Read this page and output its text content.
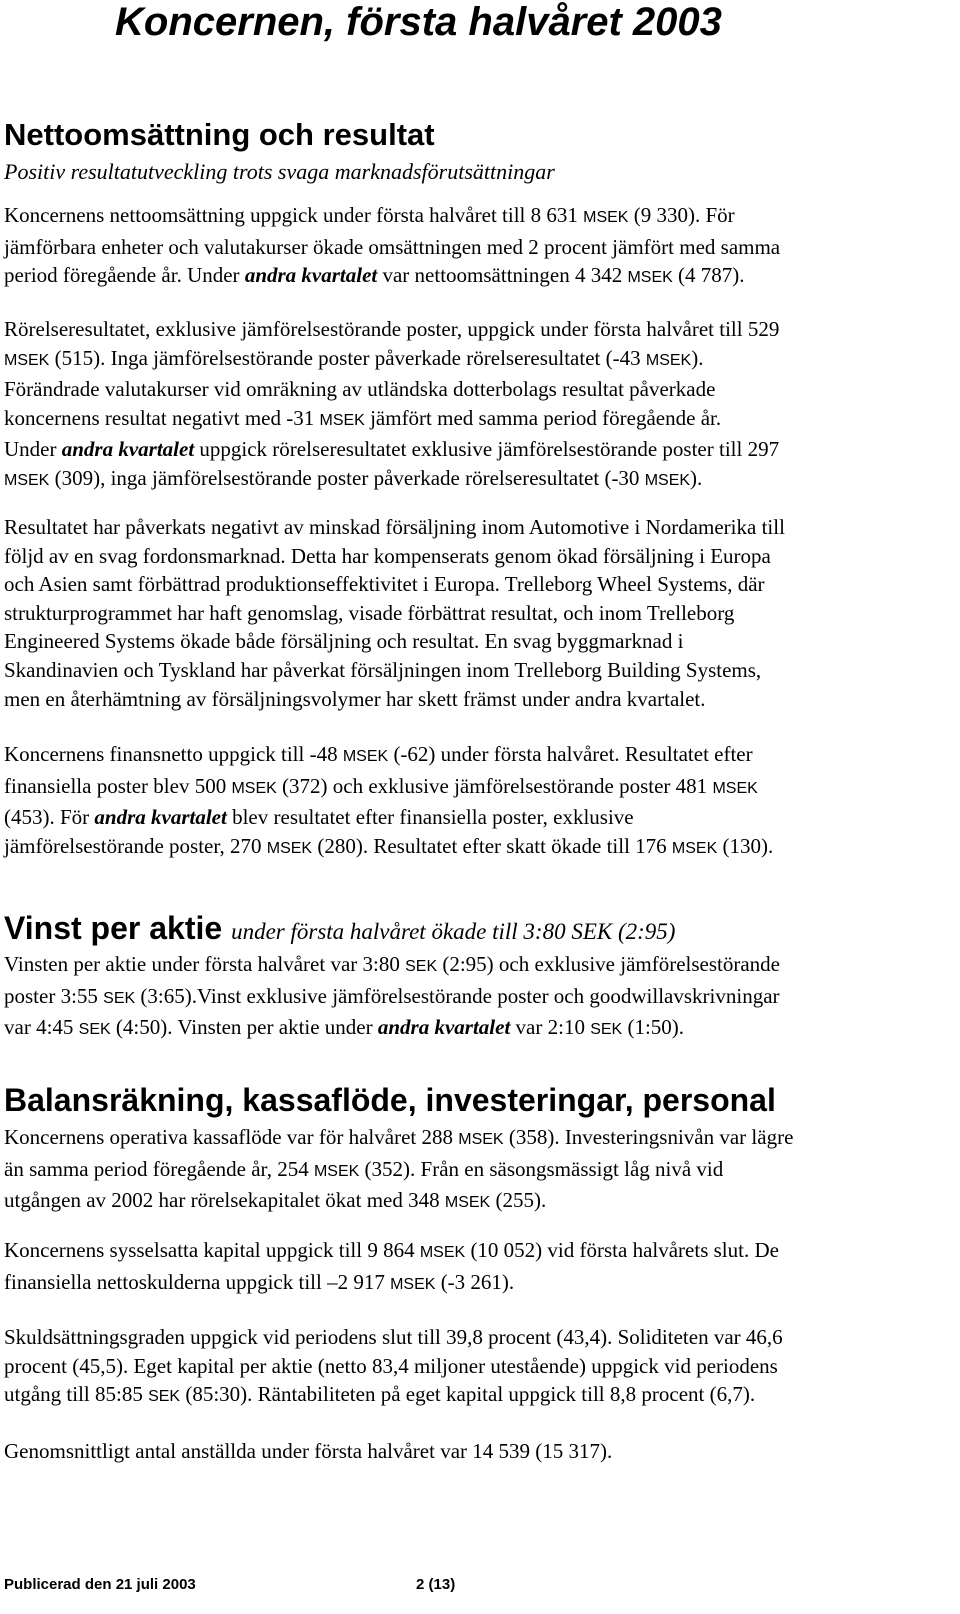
Koncernen, första halvåret 2003
Nettoomsättning och resultat
Positiv resultatutveckling trots svaga marknadsförutsättningar
Koncernens nettoomsättning uppgick under första halvåret till 8 631 MSEK (9 330). För
jämförbara enheter och valutakurser ökade omsättningen med 2 procent jämfört med samma
period föregående år. Under andra kvartalet var nettoomsättningen 4 342 MSEK (4 787).
Rörelseresultatet, exklusive jämförelsestörande poster, uppgick under första halvåret till 529
MSEK (515). Inga jämförelsestörande poster påverkade rörelseresultatet (-43 MSEK).
Förändrade valutakurser vid omräkning av utländska dotterbolags resultat påverkade
koncernens resultat negativt med -31 MSEK jämfört med samma period föregående år.
Under andra kvartalet uppgick rörelseresultatet exklusive jämförelsestörande poster till 297
MSEK (309), inga jämförelsestörande poster påverkade rörelseresultatet (-30 MSEK).
Resultatet har påverkats negativt av minskad försäljning inom Automotive i Nordamerika till
följd av en svag fordonsmarknad. Detta har kompenserats genom ökad försäljning i Europa
och Asien samt förbättrad produktionseffektivitet i Europa. Trelleborg Wheel Systems, där
strukturprogrammet har haft genomslag, visade förbättrat resultat, och inom Trelleborg
Engineered Systems ökade både försäljning och resultat. En svag byggmarknad i
Skandinavien och Tyskland har påverkat försäljningen inom Trelleborg Building Systems,
men en återhämtning av försäljningsvolymer har skett främst under andra kvartalet.
Koncernens finansnetto uppgick till -48 MSEK (-62) under första halvåret. Resultatet efter
finansiella poster blev 500 MSEK (372) och exklusive jämförelsestörande poster 481 MSEK
(453). För andra kvartalet blev resultatet efter finansiella poster, exklusive
jämförelsestörande poster, 270 MSEK (280). Resultatet efter skatt ökade till 176 MSEK (130).
Vinst per aktie under första halvåret ökade till 3:80 SEK (2:95)
Vinsten per aktie under första halvåret var 3:80 SEK (2:95) och exklusive jämförelsestörande
poster 3:55 SEK (3:65).Vinst exklusive jämförelsestörande poster och goodwillavskrivningar
var 4:45 SEK (4:50). Vinsten per aktie under andra kvartalet var 2:10 SEK (1:50).
Balansräkning, kassaflöde, investeringar, personal
Koncernens operativa kassaflöde var för halvåret 288 MSEK (358). Investeringsnivån var lägre
än samma period föregående år, 254 MSEK (352). Från en säsongsmässigt låg nivå vid
utgången av 2002 har rörelsekapitalet ökat med 348 MSEK (255).
Koncernens sysselsatta kapital uppgick till 9 864 MSEK (10 052) vid första halvårets slut. De
finansiella nettoskulderna uppgick till –2 917 MSEK (-3 261).
Skuldsättningsgraden uppgick vid periodens slut till 39,8 procent (43,4). Soliditeten var 46,6
procent (45,5). Eget kapital per aktie (netto 83,4 miljoner utestående) uppgick vid periodens
utgång till 85:85 SEK (85:30). Räntabiliteten på eget kapital uppgick till 8,8 procent (6,7).
Genomsnittligt antal anställda under första halvåret var 14 539 (15 317).
Publicerad den 21 juli 2003	2 (13)
